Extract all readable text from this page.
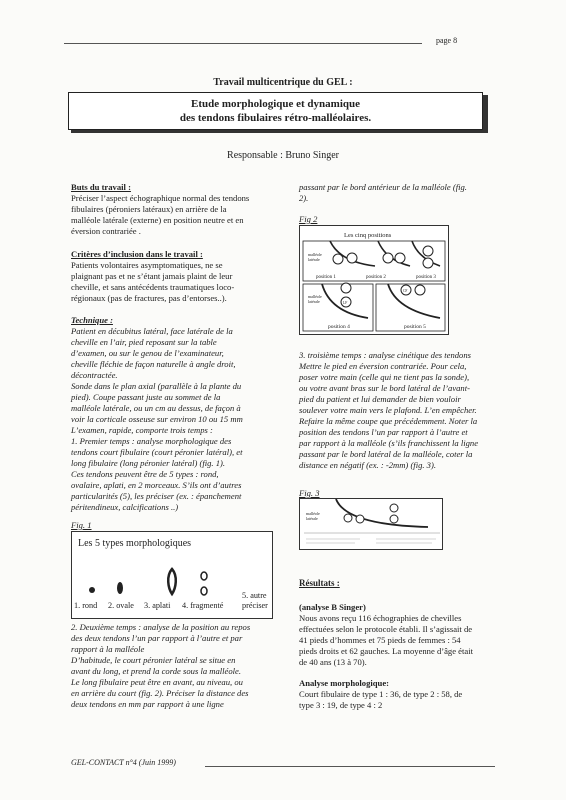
page 8
Travail multicentrique du GEL :
Etude morphologique et dynamique
des tendons fibulaires rétro-malléolaires.
Responsable : Bruno Singer
Buts du travail :
Préciser l’aspect échographique normal des tendons
fibulaires (péroniers latéraux) en arrière de la
malléole latérale (externe) en position neutre et en
éversion contrariée .
Critères d’inclusion dans le travail :
Patients volontaires asymptomatiques, ne se
plaignant pas et ne s’étant jamais plaint de leur
cheville, et sans antécédents traumatiques loco-
régionaux (pas de fractures, pas d’entorses..).
Technique :
Patient en décubitus latéral, face latérale de la
cheville en l’air, pied reposant sur la table
d’examen, ou sur le genou de l’examinateur,
cheville fléchie de façon naturelle à angle droit,
décontractée.
Sonde dans le plan axial (parallèle à la plante du
pied). Coupe passant juste au sommet de la
malléole latérale, ou un cm au dessus, de façon à
voir la corticale osseuse sur environ 10 ou 15 mm
L’examen, rapide, comporte trois temps :
1. Premier temps : analyse morphologique des
tendons court fibulaire (court péronier latéral), et
long fibulaire (long péronier latéral) (fig. 1).
Ces tendons peuvent être de 5 types : rond,
ovalaire, aplati, en 2 morceaux. S’ils ont d’autres
particularités (5), les préciser (ex. : épanchement
péritendineux, calcifications ..)
Fig. 1
Les 5 types morphologiques
1. rond 2. ovale 3. aplati 4. fragmenté
5. autre
préciser
2. Deuxième temps : analyse de la position au repos
des deux tendons l’un par rapport à l’autre et par
rapport à la malléole
D’habitude, le court péronier latéral se situe en
avant du long, et prend la corde sous la malléole.
Le long fibulaire peut être en avant, au niveau, ou
en arrière du court (fig. 2). Préciser la distance des
deux tendons en mm par rapport à une ligne
passant par le bord antérieur de la malléole (fig.
2).
Fig 2
Les cinq positions
malléole
latérale
position 1	position 2	position 3
malléole
latérale	LF
CF
position 4	position 5
3. troisième temps : analyse cinétique des tendons
Mettre le pied en éversion contrariée. Pour cela,
poser votre main (celle qui ne tient pas la sonde),
ou votre avant bras sur le bord latéral de l’avant-
pied du patient et lui demander de bien vouloir
soulever votre main vers le plafond. L’en empêcher.
Refaire la même coupe que précédemment. Noter la
position des tendons l’un par rapport à l’autre et
par rapport à la malléole (s’ils franchissent la ligne
passant par le bord latéral de la malléole, coter la
distance en négatif (ex. : -2mm) (fig. 3).
Fig. 3
malléole
latérale
Résultats :
(analyse B Singer)
Nous avons reçu 116 échographies de chevilles
effectuées selon le protocole établi. Il s’agissait de
41 pieds d’hommes et 75 pieds de femmes : 54
pieds droits et 62 gauches. La moyenne d’âge était
de 40 ans (13 à 70).
Analyse morphologique:
Court fibulaire de type 1 : 36, de type 2 : 58, de
type 3 : 19, de type 4 : 2
GEL-CONTACT n°4 (Juin 1999)
